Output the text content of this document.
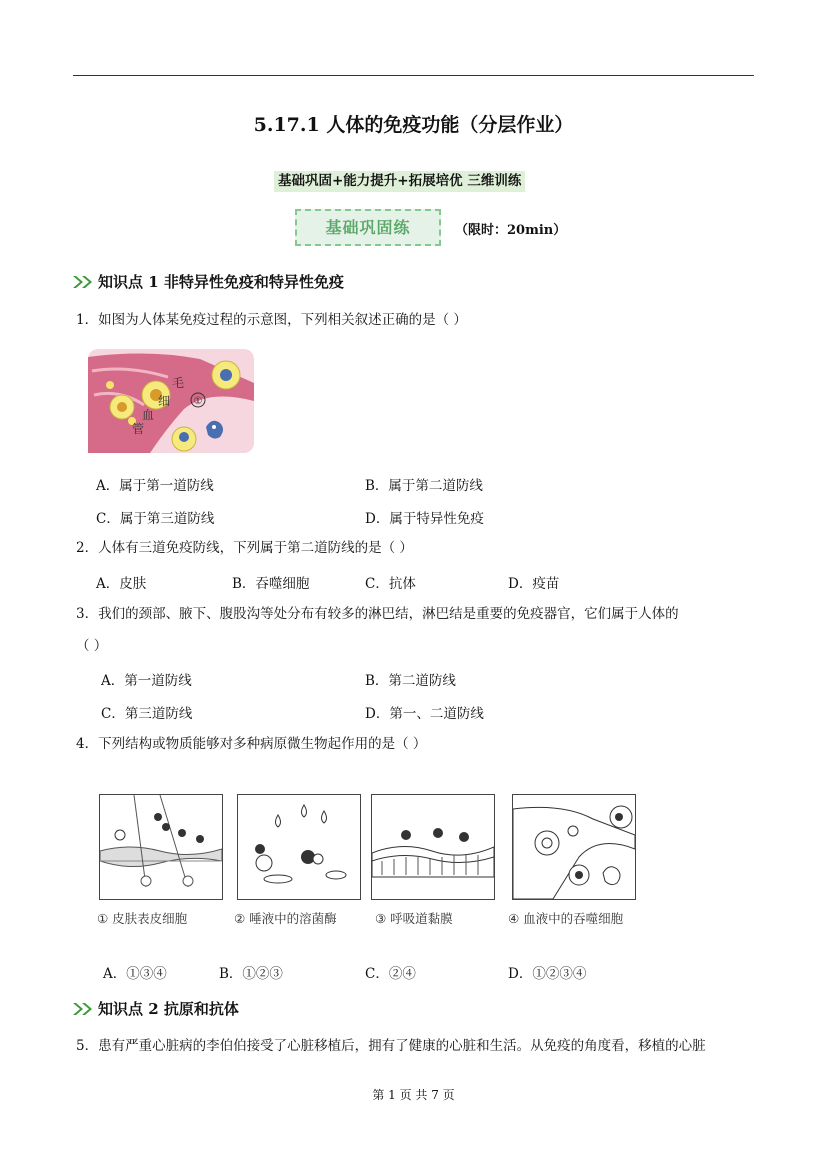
5.17.1 人体的免疫功能（分层作业）
基础巩固+能力提升+拓展培优 三维训练
基础巩固练	（限时：20min）
知识点 1 非特异性免疫和特异性免疫
1．如图为人体某免疫过程的示意图，下列相关叙述正确的是（ ）
①
毛
细
血
管
A．属于第一道防线	B．属于第二道防线
C．属于第三道防线	D．属于特异性免疫
2．人体有三道免疫防线，下列属于第二道防线的是（ ）
A．皮肤	B．吞噬细胞	C．抗体	D．疫苗
3．我们的颈部、腋下、腹股沟等处分布有较多的淋巴结，淋巴结是重要的免疫器官，它们属于人体的
（ ）
A．第一道防线	B．第二道防线
C．第三道防线	D．第一、二道防线
4．下列结构或物质能够对多种病原微生物起作用的是（ ）
① 皮肤表皮细胞	② 唾液中的溶菌酶	③ 呼吸道黏膜	④ 血液中的吞噬细胞
A．①③④	B．①②③	C．②④	D．①②③④
知识点 2 抗原和抗体
5．患有严重心脏病的李伯伯接受了心脏移植后，拥有了健康的心脏和生活。从免疫的角度看，移植的心脏
第 1 页 共 7 页
